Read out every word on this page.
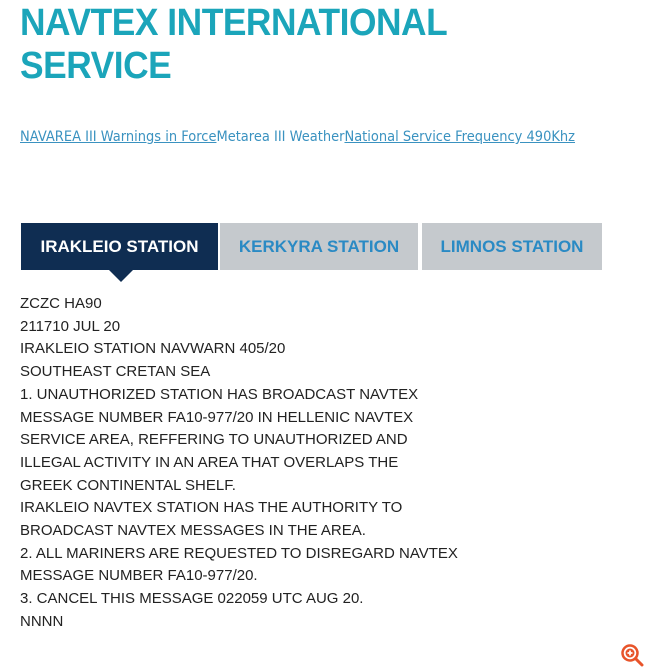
NAVTEX INTERNATIONAL SERVICE
NAVAREA III Warnings in ForceMetarea III WeatherNational Service Frequency 490Khz
IRAKLEIO STATION	KERKYRA STATION	LIMNOS STATION
ZCZC HA90
211710 JUL 20
IRAKLEIO STATION NAVWARN 405/20
SOUTHEAST CRETAN SEA
1. UNAUTHORIZED STATION HAS BROADCAST NAVTEX
MESSAGE NUMBER FA10-977/20 IN HELLENIC NAVTEX
SERVICE AREA, REFFERING TO UNAUTHORIZED AND
ILLEGAL ACTIVITY IN AN AREA THAT OVERLAPS THE
GREEK CONTINENTAL SHELF.
IRAKLEIO NAVTEX STATION HAS THE AUTHORITY TO
BROADCAST NAVTEX MESSAGES IN THE AREA.
2. ALL MARINERS ARE REQUESTED TO DISREGARD NAVTEX
MESSAGE NUMBER FA10-977/20.
3. CANCEL THIS MESSAGE 022059 UTC AUG 20.
NNNN
